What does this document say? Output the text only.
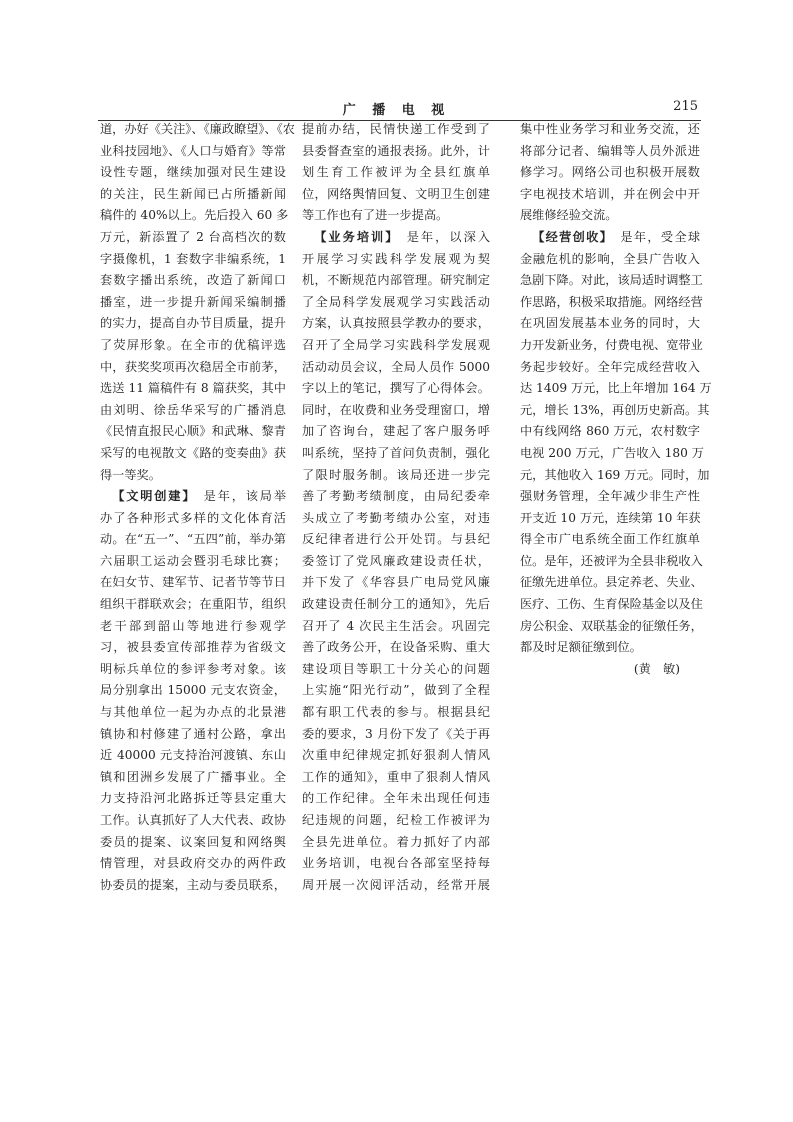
广 播 电 视	215
道，办好《关注》、《廉政瞭望》、《农
业科技园地》、《人口与婚育》等常
设性专题，继续加强对民生建设
的关注，民生新闻已占所播新闻
稿件的 40%以上。先后投入 60 多
万元，新添置了 2 台高档次的数
字摄像机，1 套数字非编系统，1
套数字播出系统，改造了新闻口
播室，进一步提升新闻采编制播
的实力，提高自办节目质量，提升
了荧屏形象。在全市的优稿评选
中，获奖奖项再次稳居全市前茅，
选送 11 篇稿件有 8 篇获奖，其中
由刘明、徐岳华采写的广播消息
《民情直报民心顺》和武琳、黎青
采写的电视散文《路的变奏曲》获
得一等奖。
【文明创建】 是年，该局举
办了各种形式多样的文化体育活
动。在“五一”、“五四”前，举办第
六届职工运动会暨羽毛球比赛；
在妇女节、建军节、记者节等节日
组织干群联欢会；在重阳节，组织
老干部到韶山等地进行参观学
习，被县委宣传部推荐为省级文
明标兵单位的参评参考对象。该
局分别拿出 15000 元支农资金，
与其他单位一起为办点的北景港
镇协和村修建了通村公路，拿出
近 40000 元支持治河渡镇、东山
镇和团洲乡发展了广播事业。全
力支持沿河北路拆迁等县定重大
工作。认真抓好了人大代表、政协
委员的提案、议案回复和网络舆
情管理，对县政府交办的两件政
协委员的提案，主动与委员联系，
提前办结，民情快递工作受到了
县委督查室的通报表扬。此外，计
划生育工作被评为全县红旗单
位，网络舆情回复、文明卫生创建
等工作也有了进一步提高。
【业务培训】 是年，以深入
开展学习实践科学发展观为契
机，不断规范内部管理。研究制定
了全局科学发展观学习实践活动
方案，认真按照县学教办的要求，
召开了全局学习实践科学发展观
活动动员会议，全局人员作 5000
字以上的笔记，撰写了心得体会。
同时，在收费和业务受理窗口，增
加了咨询台，建起了客户服务呼
叫系统，坚持了首问负责制，强化
了限时服务制。该局还进一步完
善了考勤考绩制度，由局纪委牵
头成立了考勤考绩办公室，对违
反纪律者进行公开处罚。与县纪
委签订了党风廉政建设责任状，
并下发了《华容县广电局党风廉
政建设责任制分工的通知》，先后
召开了 4 次民主生活会。巩固完
善了政务公开，在设备采购、重大
建设项目等职工十分关心的问题
上实施“阳光行动”，做到了全程
都有职工代表的参与。根据县纪
委的要求，3 月份下发了《关于再
次重申纪律规定抓好狠刹人情风
工作的通知》，重申了狠刹人情风
的工作纪律。全年未出现任何违
纪违规的问题，纪检工作被评为
全县先进单位。着力抓好了内部
业务培训，电视台各部室坚持每
周开展一次阅评活动，经常开展
集中性业务学习和业务交流，还
将部分记者、编辑等人员外派进
修学习。网络公司也积极开展数
字电视技术培训，并在例会中开
展维修经验交流。
【经营创收】 是年，受全球
金融危机的影响，全县广告收入
急剧下降。对此，该局适时调整工
作思路，积极采取措施。网络经营
在巩固发展基本业务的同时，大
力开发新业务，付费电视、宽带业
务起步较好。全年完成经营收入
达 1409 万元，比上年增加 164 万
元，增长 13%，再创历史新高。其
中有线网络 860 万元，农村数字
电视 200 万元，广告收入 180 万
元，其他收入 169 万元。同时，加
强财务管理，全年减少非生产性
开支近 10 万元，连续第 10 年获
得全市广电系统全面工作红旗单
位。是年，还被评为全县非税收入
征缴先进单位。县定养老、失业、
医疗、工伤、生育保险基金以及住
房公积金、双联基金的征缴任务，
都及时足额征缴到位。
(黄　敏)
